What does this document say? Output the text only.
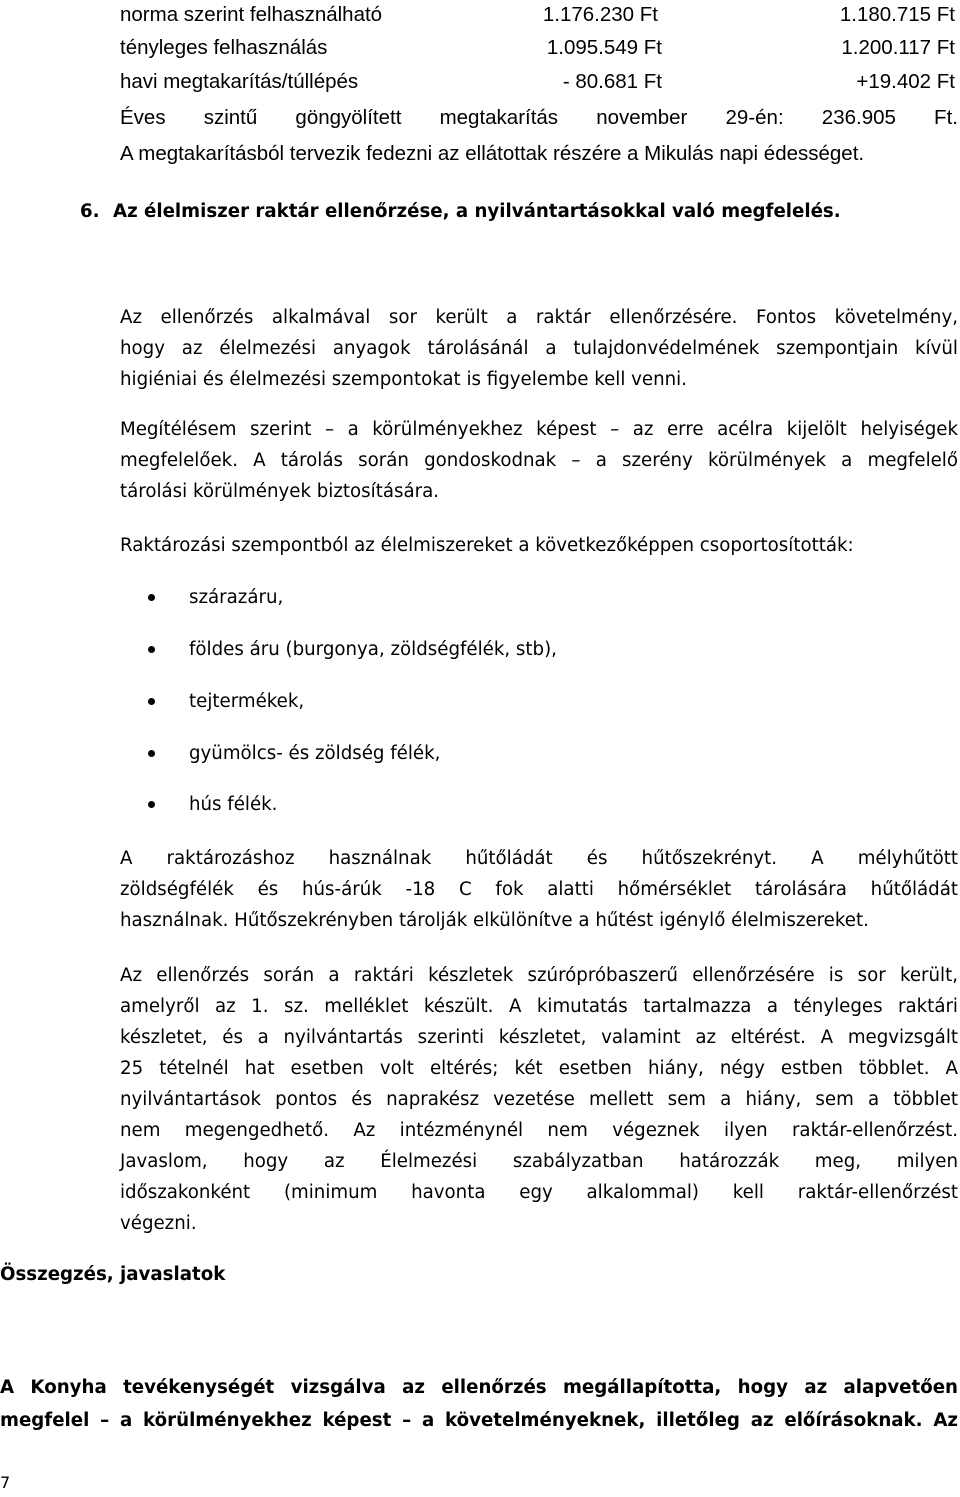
norma szerint felhasználható	1.176.230 Ft	1.180.715 Ft
tényleges felhasználás	1.095.549 Ft	1.200.117 Ft
havi megtakarítás/túllépés	- 80.681 Ft	+19.402 Ft
Éves szintű göngyölített megtakarítás november 29-én: 236.905 Ft.
A megtakarításból tervezik fedezni az ellátottak részére a Mikulás napi édességet.
6. Az élelmiszer raktár ellenőrzése, a nyilvántartásokkal való megfelelés.
Az ellenőrzés alkalmával sor került a raktár ellenőrzésére. Fontos követelmény,
hogy az élelmezési anyagok tárolásánál a tulajdonvédelmének szempontjain kívül
higiéniai és élelmezési szempontokat is figyelembe kell venni.
Megítélésem szerint – a körülményekhez képest – az erre acélra kijelölt helyiségek
megfelelőek. A tárolás során gondoskodnak – a szerény körülmények a megfelelő
tárolási körülmények biztosítására.
Raktározási szempontból az élelmiszereket a következőképpen csoportosították:
szárazáru,
földes áru (burgonya, zöldségfélék, stb),
tejtermékek,
gyümölcs- és zöldség félék,
hús félék.
A raktározáshoz használnak hűtőládát és hűtőszekrényt. A mélyhűtött
zöldségfélék és hús-árúk -18 C fok alatti hőmérséklet tárolására hűtőládát
használnak. Hűtőszekrényben tárolják elkülönítve a hűtést igénylő élelmiszereket.
Az ellenőrzés során a raktári készletek szúrópróbaszerű ellenőrzésére is sor került,
amelyről az 1. sz. melléklet készült. A kimutatás tartalmazza a tényleges raktári
készletet, és a nyilvántartás szerinti készletet, valamint az eltérést. A megvizsgált
25 tételnél hat esetben volt eltérés; két esetben hiány, négy estben többlet. A
nyilvántartások pontos és naprakész vezetése mellett sem a hiány, sem a többlet
nem megengedhető. Az intézménynél nem végeznek ilyen raktár-ellenőrzést.
Javaslom, hogy az Élelmezési szabályzatban határozzák meg, milyen
időszakonként (minimum havonta egy alkalommal) kell raktár-ellenőrzést
végezni.
Összegzés, javaslatok
A Konyha tevékenységét vizsgálva az ellenőrzés megállapította, hogy az alapvetően
megfelel – a körülményekhez képest – a követelményeknek, illetőleg az előírásoknak. Az
7
